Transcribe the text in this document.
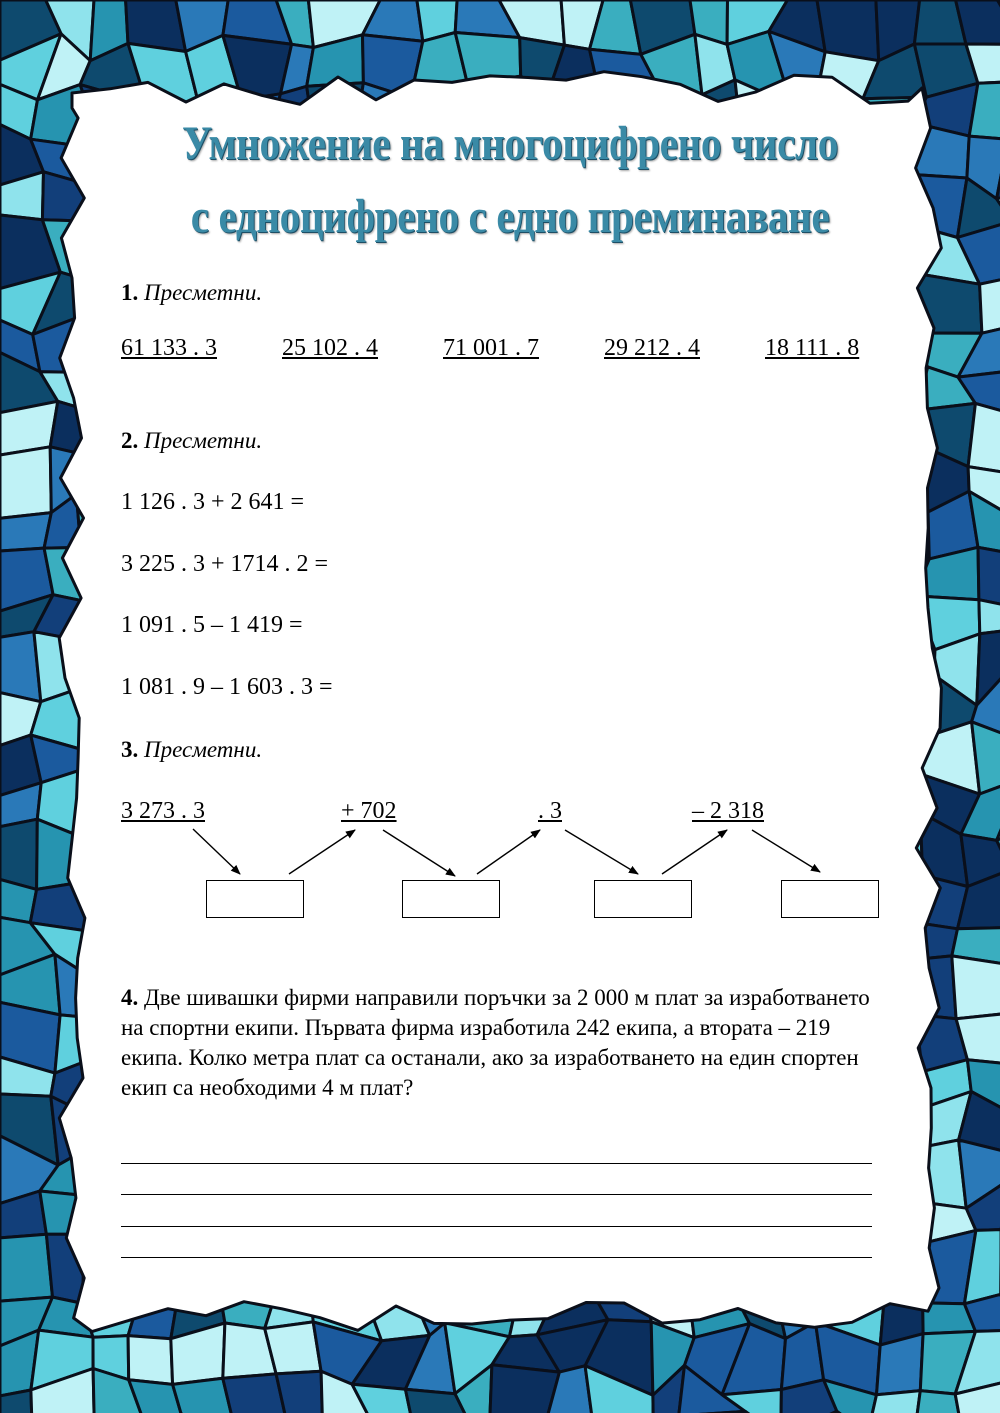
Умножение на многоцифрено число
с едноцифрено с едно преминаване
1. Пресметни.
61 133 . 3	25 102 . 4	71 001 . 7	29 212 . 4	18 111 . 8
2. Пресметни.
1 126 . 3 + 2 641 =
3 225 . 3 + 1714 . 2 =
1 091 . 5 – 1 419 =
1 081 . 9 – 1 603 . 3 =
3. Пресметни.
3 273 . 3	+ 702	. 3	– 2 318
4. Две шивашки фирми направили поръчки за 2 000 м плат за изработването на спортни екипи. Първата фирма изработила 242 екипа, а втората – 219 екипа. Колко метра плат са останали, ако за изработването на един спортен екип са необходими 4 м плат?
